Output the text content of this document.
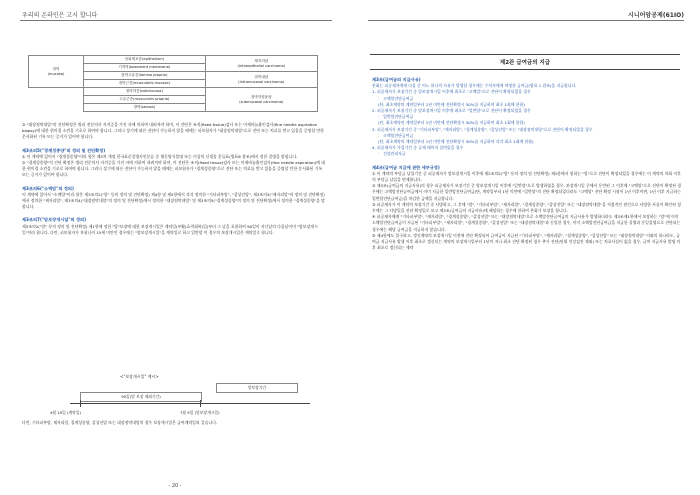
우리의 온라인은 고시 합니다
점막
(mucosa)	상피세포층(epithelium)	제자리암
(intraepithelial carcinoma)
	기저막(basement membrane)	
	점막고유층(lamina propria)	점막내암
(intramucosal carcinoma)
	점막근층(muscularis mucosa)	
	점막하층(submucosa)	점막하침윤암
(submucosal carcinoma)
	고유근층(muscularis propria)	
	장막(serosa)	

② "대장점막내암"의 진단확정은 병리 전문의사 자격증을 가진 자에 의하여 내려져야 하며, 이 진단은 조직(fixed tissue)검사 또는 미세바늘흡인검사(fine needle aspiration biopsy)에 대한 현미경 소견을 기초로 하여야 합니다. 그러나 상기에 따른 진단이 가능하지 않을 때에는 피보험자가 "대장점막내암"으로 진단 또는 치료를 받고 있음을 증명할 만한 문서화된 기록 또는 증거가 있어야 합니다.

제3조의5("경계성종양"의 정의 및 진단확정)

① 이 계약에 있어서 "경계성종양"이라 함은 제5차 개정 한국표준질병사인분류 중 행동양식불명 또는 미상의 신생물 분류표(별표6 참조)에서 정한 질병을 말합니다.
② "경계성종양"의 진단 확정은 병리 전문의사 자격증을 가진 자에 의하여 내려져야 하며, 이 진단은 조직(fixed tissue)검사 또는 미세바늘흡인검사(fine needle aspiration)에 대한 현미경 소견을 기초로 하여야 합니다. 그러나 상기에 따른 진단이 가능하지 않을 때에는 피보험자가 "경계성종양"으로 진단 또는 치료를 받고 있음을 증명할 만한 문서화된 기록 또는 증거가 있어야 합니다.

제3조의6("소액암"의 정의)

이 계약에 있어서 "소액암"이라 함은 제3조의2("암" 등의 정의 및 진단확정) 제4항 및 제5항에서 각각 정의한 "기타피부암", "갑상선암", 제3조의3("제자리암"의 정의 및 진단확정)에서 정의한 "제자리암", 제3조의4("대장점막내암"의 정의 및 진단확정)에서 정의한 "대장점막내암" 및 제3조의5("경계성종양"의 정의 및 진단확정)에서 정의한 "경계성종양"을 말합니다.

제3조의7("암보장개시일"의 정의)

제3조의2("암" 등의 정의 및 진단확정) 제1항에 정한 "암"보장에 대한 보장개시일은 계약일(부활(효력회복)일)부터 그 날을 포함하여 90일이 지난날의 다음날이며 "암보장개시일"이라 합니다. 다만, 피보험자가 보험나이 15세 미만인 경우에는 "암보장개시일"을 계약일로 하고 일반암 이 경우의 보장개시일은 계약일로 합니다.

<"보장개시일" 예시>
90일(암 보장 제외기간)
암보장기간
4월 10일 (계약일)	7월 9일 (암보장개시일)
다만, 기타피부암, 제자리암, 경계성종양, 갑상선암 또는 대장점막내암의 경우 보장개시일은 급여계약일과 같습니다.
- 20 -
시니어암공제(61ⅠO)
제2관 급여금의 지급

제3조(급여금의 지급사유)

본회는 피공제자에게 다음 중 어느 하나의 사유가 발생한 경우에는 수익자에게 약정한 급여금(별표 1 참조)을 지급합니다.

1. 피공제자가 보장기간 중 암보장개시일 이후에 최초로 "고액암"으로 진단이 확정되었을 경우

： 고액암진단급여금

(단, 최초계약의 계약일부터 1년 미만에 진단확정시 50%를 지급하며 최초 1회에 한함)

2. 피공제자가 보장기간 중 암보장개시일 이후에 최초로 "일반암"으로 진단이 확정되었을 경우

： 일반암진단급여금

(단, 최초계약의 계약일부터 1년 미만에 진단확정시 50%를 지급하며 최초 1회에 한함)

3. 피공제자가 보장기간 중 "기타피부암", "제자리암", "경계성종양", "갑상선암" 또는 "대장점막내암"으로 진단이 확정되었을 경우

： 소액암진단급여금

(단, 최초계약의 계약일부터 1년 미만에 진단확정시 50%를 지급하며 각각 최초 1회에 한함)

4. 피공제자가 가입기간 중 공제 때까지 살아있을 경우

： 건강관리자금

제4조(급여금 지급에 관한 세부규정)

① 이 계약의 부담금 납입기간 중 피공제자가 암보장개시일 이후에 제2조의2("암" 등의 정의 및 진단확정) 제1항에서 정하는 "암"으로 진단이 확정되었을 경우에는 이 계약의 차회 이후의 부담금 납입을 면제합니다.
② 제3조(급여금의 지급사유)의 경우 피공제자가 보장기간 중 암보장개시일 이후에 "일반암"으로 발생하였을 경우, 보장개시일 중에서 동반된 그 이후에 "고액암"으로 진단이 확정된 경우에는 고액암진단급여금에서 이미 지급한 일반암진단급여금(단, 계약일부터 1년 미만에 "일반암"의 진단 확정되었더라도 "고액암" 진단 확정 시점이 1년 이후이면, 1년 이후 지급하는 일반암진단급여금)을 차감한 금액을 지급합니다.
③ 피공제자가 이 계약의 보장기간 중 사망하고, 그 후에 "암", "기타피부암", "제자리암", "경계성종양", "갑상선암" 또는 "대장점막내암"을 직접적인 원인으로 사망한 사실이 확인된 경우에는 그 사망일을 진단 확정일로 보고 제3조(급여금의 지급사유)에 해당하는 경우에 한하여 본회가 보장을 합니다.
④ 피공제자에게 "기타피부암", "제자리암", "경계성종양", "갑상선암" 또는 "대장점막내암"으로 소액암진단급여금의 지급사유가 발생하더라도 제3조제1항에서 보장하는 "암"에 이미 소액암진단급여금이 지급된 "기타피부암", "제자리암", "경계성종양", "갑상선암" 또는 "대장점막내암"과 동일한 경우, 이미 소액암진단급여금을 지급한 질병과 동일질병으로 진단되는 경우에는 해당 급여금을 지급하지 않습니다.
⑤ 제4항에도 불구하고, 갱신계약의 보장개시일 이전에 진단 확정되어 급여금이 지급된 "기타피부암", "제자리암", "경계성종양", "갑상선암" 또는 "대장점막내암" 이외의 하나라도, 급여금 지급사유 발생 이후 최초로 갱신되는 계약의 보장개시일부터 1년이 지나 최초 진단 확정된 경우 추가 진단(단위 건강검진 제외) 또는 치료사실이 없을 경우, 급여 지급사유 발생 이후 최초로 갱신되는 계약
